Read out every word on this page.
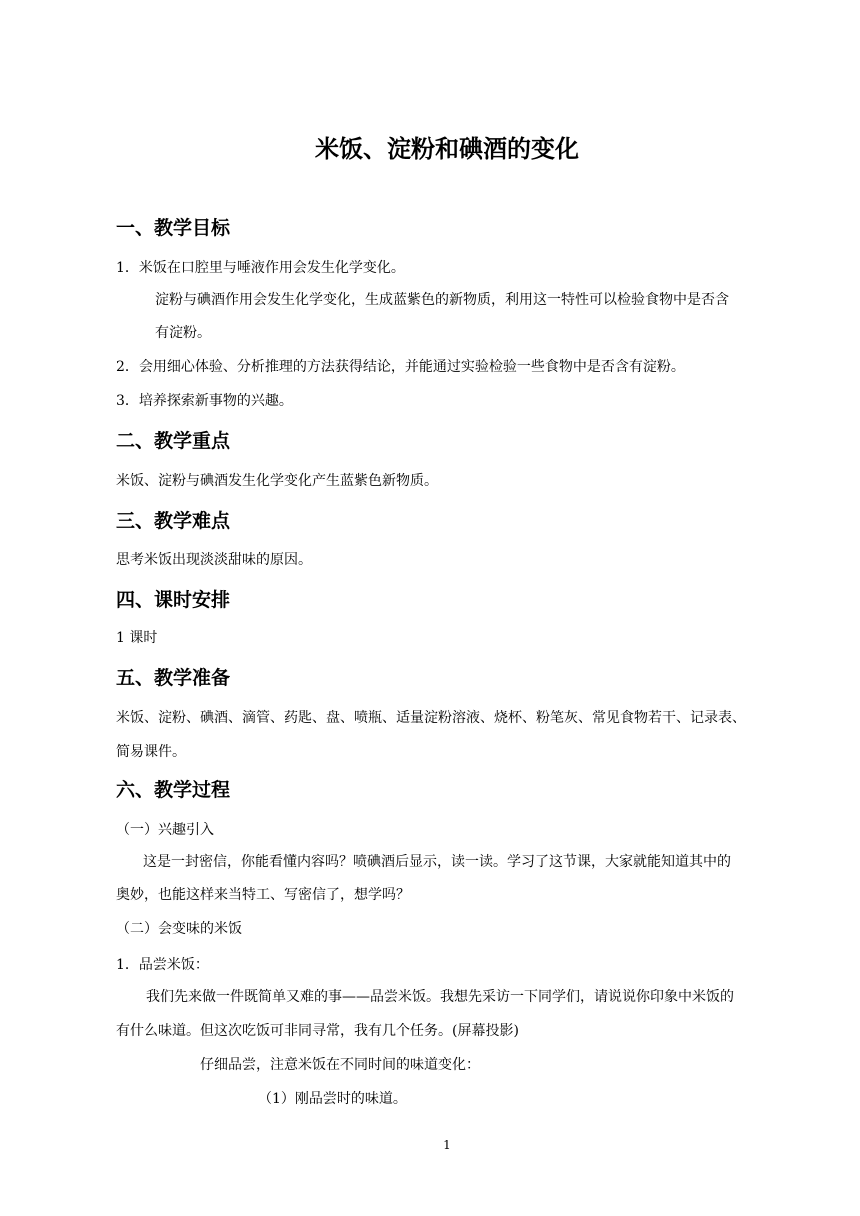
米饭、淀粉和碘酒的变化
一、教学目标
1．米饭在口腔里与唾液作用会发生化学变化。
淀粉与碘酒作用会发生化学变化，生成蓝紫色的新物质，利用这一特性可以检验食物中是否含
有淀粉。
2．会用细心体验、分析推理的方法获得结论，并能通过实验检验一些食物中是否含有淀粉。
3．培养探索新事物的兴趣。
二、教学重点
米饭、淀粉与碘酒发生化学变化产生蓝紫色新物质。
三、教学难点
思考米饭出现淡淡甜味的原因。
四、课时安排
1 课时
五、教学准备
米饭、淀粉、碘酒、滴管、药匙、盘、喷瓶、适量淀粉溶液、烧杯、粉笔灰、常见食物若干、记录表、
简易课件。
六、教学过程
（一）兴趣引入
这是一封密信，你能看懂内容吗？喷碘酒后显示，读一读。学习了这节课，大家就能知道其中的
奥妙，也能这样来当特工、写密信了，想学吗？
（二）会变味的米饭
1．品尝米饭：
我们先来做一件既简单又难的事——品尝米饭。我想先采访一下同学们，请说说你印象中米饭的
有什么味道。但这次吃饭可非同寻常，我有几个任务。(屏幕投影)
仔细品尝，注意米饭在不同时间的味道变化：
（1）刚品尝时的味道。
1
